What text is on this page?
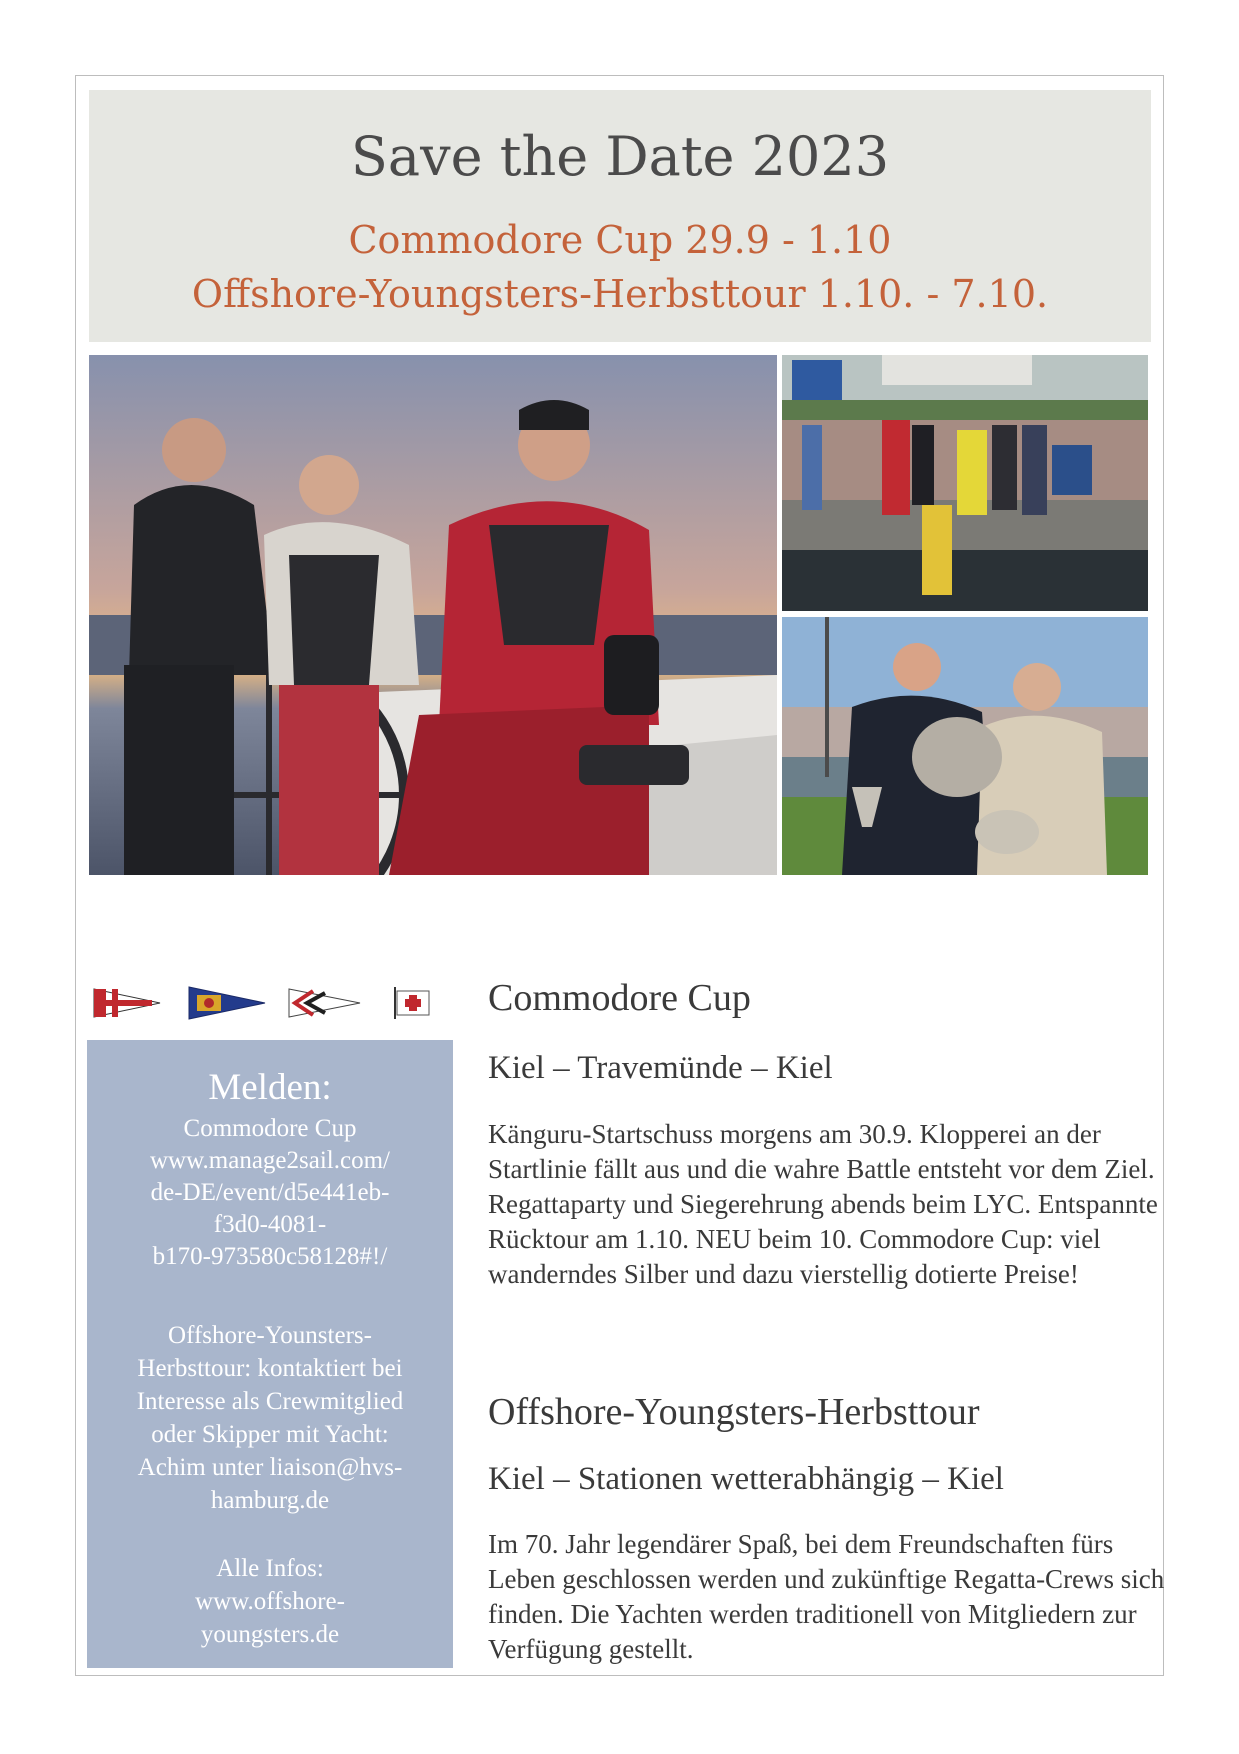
Save the Date 2023
Commodore Cup 29.9 - 1.10
Offshore-Youngsters-Herbsttour 1.10. - 7.10.
Melden:
Commodore Cup
www.manage2sail.com/
de-DE/event/d5e441eb-
f3d0-4081-
b170-973580c58128#!/
Offshore-Younsters-
Herbsttour: kontaktiert bei
Interesse als Crewmitglied
oder Skipper mit Yacht:
Achim unter liaison@hvs-
hamburg.de
Alle Infos:
www.offshore-
youngsters.de
Commodore Cup
Kiel – Travemünde – Kiel

Känguru-Startschuss morgens am 30.9. Klopperei an der Startlinie fällt aus und die wahre Battle entsteht vor dem Ziel. Regattaparty und Siegerehrung abends beim LYC. Entspannte Rücktour am 1.10. NEU beim 10. Commodore Cup: viel wanderndes Silber und dazu vierstellig dotierte Preise!

Offshore-Youngsters-Herbsttour
Kiel – Stationen wetterabhängig – Kiel

Im 70. Jahr legendärer Spaß, bei dem Freundschaften fürs Leben geschlossen werden und zukünftige Regatta-Crews sich finden. Die Yachten werden traditionell von Mitgliedern zur Verfügung gestellt.
